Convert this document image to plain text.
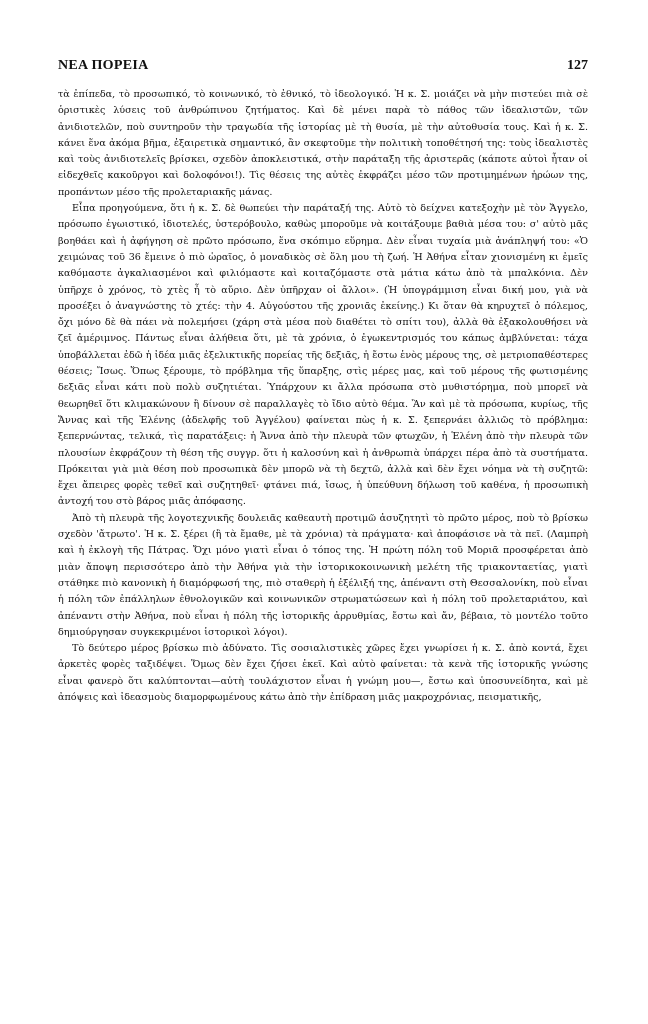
ΝΕΑ ΠΟΡΕΙΑ	127

τὰ ἐπίπεδα, τὸ προσωπικό, τὸ κοινωνικό, τὸ ἐθνικό, τὸ ἰδεολογικό. Ἡ κ. Σ. μοιάζει νὰ μὴν πιστεύει πιὰ σὲ ὁριστικὲς λύσεις τοῦ ἀνθρώπινου ζητήματος. Καὶ δὲ μένει παρὰ τὸ πάθος τῶν ἰδεαλιστῶν, τῶν ἀνιδιοτελῶν, ποὺ συντηροῦν τὴν τραγωδία τῆς ἱστορίας μὲ τὴ θυσία, μὲ τὴν αὐτοθυσία τους. Καὶ ἡ κ. Σ. κάνει ἕνα ἀκόμα βῆμα, ἐξαιρετικὰ σημαντικό, ἂν σκεφτοῦμε τὴν πολιτικὴ τοποθέτησή της: τοὺς ἰδεαλιστὲς καὶ τοὺς ἀνιδιοτελεῖς βρίσκει, σχεδὸν ἀποκλειστικά, στὴν παράταξη τῆς ἀριστερᾶς (κάποτε αὐτοὶ ἦταν οἱ εἰδεχθεῖς κακοῦργοι καὶ δολοφόνοι!). Τὶς θέσεις της αὐτὲς ἐκφράζει μέσο τῶν προτιμημένων ἡρώων της, προπάντων μέσο τῆς προλεταριακῆς μάνας.

Εἶπα προηγούμενα, ὅτι ἡ κ. Σ. δὲ θωπεύει τὴν παράταξή της. Αὐτὸ τὸ δείχνει κατεξοχὴν μὲ τὸν Ἄγγελο, πρόσωπο ἐγωιστικό, ἰδιοτελές, ὑστερόβουλο, καθὼς μποροῦμε νὰ κοιτάξουμε βαθιὰ μέσα του: σ' αὐτὸ μᾶς βοηθάει καὶ ἡ ἀφήγηση σὲ πρῶτο πρόσωπο, ἕνα σκόπιμο εὕρημα. Δὲν εἶναι τυχαία μιὰ ἀνάπληψή του: «Ὁ χειμώνας τοῦ 36 ἔμεινε ὁ πιὸ ὡραῖος, ὁ μοναδικὸς σὲ ὅλη μου τὴ ζωή. Ἡ Ἀθήνα εἶταν χιονισμένη κι ἐμεῖς καθόμαστε ἀγκαλιασμένοι καὶ φιλιόμαστε καὶ κοιταζόμαστε στὰ μάτια κάτω ἀπὸ τὰ μπαλκόνια. Δὲν ὑπῆρχε ὁ χρόνος, τὸ χτὲς ἦ τὸ αὔριο. Δὲν ὑπῆρχαν οἱ ἄλλοι». (Ἡ ὑπογράμμιση εἶναι δική μου, γιὰ νὰ προσέξει ὁ ἀναγνώστης τὸ χτές: τὴν 4. Αὐγούστου τῆς χρονιᾶς ἐκείνης.) Κι ὅταν θὰ κηρυχτεῖ ὁ πόλεμος, ὄχι μόνο δὲ θὰ πάει νὰ πολεμήσει (χάρη στὰ μέσα ποὺ διαθέτει τὸ σπίτι του), ἀλλὰ θὰ ἐξακολουθήσει νὰ ζεῖ ἀμέριμνος. Πάντως εἶναι ἀλήθεια ὅτι, μὲ τὰ χρόνια, ὁ ἐγωκεντρισμός του κάπως ἀμβλύνεται: τάχα ὑποβάλλεται ἐδῶ ἡ ἰδέα μιᾶς ἐξελικτικῆς πορείας τῆς δεξιᾶς, ἡ ἔστω ἑνὸς μέρους της, σὲ μετριοπαθέστερες θέσεις; Ἴσως. Ὅπως ξέρουμε, τὸ πρόβλημα τῆς ὕπαρξης, στὶς μέρες μας, καὶ τοῦ μέρους τῆς φωτισμένης δεξιᾶς εἶναι κάτι ποὺ πολὺ συζητιέται. Ὑπάρχουν κι ἄλλα πρόσωπα στὸ μυθιστόρημα, ποὺ μπορεῖ νὰ θεωρηθεῖ ὅτι κλιμακώνουν ἢ δίνουν σὲ παραλλαγὲς τὸ ἴδιο αὐτὸ θέμα. Ἂν καὶ μὲ τὰ πρόσωπα, κυρίως, τῆς Ἄννας καὶ τῆς Ἑλένης (ἀδελφῆς τοῦ Ἀγγέλου) φαίνεται πὼς ἡ κ. Σ. ξεπερνάει ἀλλιῶς τὸ πρόβλημα: ξεπερνώντας, τελικά, τὶς παρατάξεις: ἡ Ἄννα ἀπὸ τὴν πλευρὰ τῶν φτωχῶν, ἡ Ἑλένη ἀπὸ τὴν πλευρὰ τῶν πλουσίων ἐκφράζουν τὴ θέση τῆς συγγρ. ὅτι ἡ καλοσύνη καὶ ἡ ἀνθρωπιὰ ὑπάρχει πέρα ἀπὸ τὰ συστήματα. Πρόκειται γιὰ μιὰ θέση ποὺ προσωπικὰ δὲν μπορῶ νὰ τὴ δεχτῶ, ἀλλὰ καὶ δὲν ἔχει νόημα νὰ τὴ συζητῶ: ἔχει ἄπειρες φορὲς τεθεῖ καὶ συζητηθεῖ· φτάνει πιά, ἴσως, ἡ ὑπεύθυνη δήλωση τοῦ καθένα, ἡ προσωπικὴ ἀντοχή του στὸ βάρος μιᾶς ἀπόφασης.

Ἀπὸ τὴ πλευρὰ τῆς λογοτεχνικῆς δουλειᾶς καθεαυτὴ προτιμῶ ἀσυζητητὶ τὸ πρῶτο μέρος, ποὺ τὸ βρίσκω σχεδὸν 'ἄτρωτο'. Ἡ κ. Σ. ξέρει (ἢ τὰ ἔμαθε, μὲ τὰ χρόνια) τὰ πράγματα· καὶ ἀποφάσισε νὰ τὰ πεῖ. (Λαμπρὴ καὶ ἡ ἐκλογὴ τῆς Πάτρας. Ὄχι μόνο γιατὶ εἶναι ὁ τόπος της. Ἡ πρώτη πόλη τοῦ Μοριᾶ προσφέρεται ἀπὸ μιὰν ἄποψη περισσότερο ἀπὸ τὴν Ἀθήνα γιὰ τὴν ἱστορικοκοινωνικὴ μελέτη τῆς τριακονταετίας, γιατὶ στάθηκε πιὸ κανονικὴ ἡ διαμόρφωσή της, πιὸ σταθερὴ ἡ ἐξέλιξή της, ἀπέναντι στὴ Θεσσαλονίκη, ποὺ εἶναι ἡ πόλη τῶν ἐπάλληλων ἐθνολογικῶν καὶ κοινωνικῶν στρωματώσεων καὶ ἡ πόλη τοῦ προλεταριάτου, καὶ ἀπέναντι στὴν Ἀθήνα, ποὺ εἶναι ἡ πόλη τῆς ἱστορικῆς ἀρρυθμίας, ἔστω καὶ ἄν, βέβαια, τὸ μοντέλο τοῦτο δημιούργησαν συγκεκριμένοι ἱστορικοὶ λόγοι).

Τὸ δεύτερο μέρος βρίσκω πιὸ ἀδύνατο. Τὶς σοσιαλιστικὲς χῶρες ἔχει γνωρίσει ἡ κ. Σ. ἀπὸ κοντά, ἔχει ἀρκετὲς φορὲς ταξιδέψει. Ὅμως δὲν ἔχει ζήσει ἐκεῖ. Καὶ αὐτὸ φαίνεται: τὰ κενὰ τῆς ἱστορικῆς γνώσης εἶναι φανερὸ ὅτι καλύπτονται—αὐτὴ τουλάχιστον εἶναι ἡ γνώμη μου—, ἔστω καὶ ὑποσυνείδητα, καὶ μὲ ἀπόψεις καὶ ἰδεασμοὺς διαμορφωμένους κάτω ἀπὸ τὴν ἐπίδραση μιᾶς μακροχρόνιας, πεισματικῆς,
